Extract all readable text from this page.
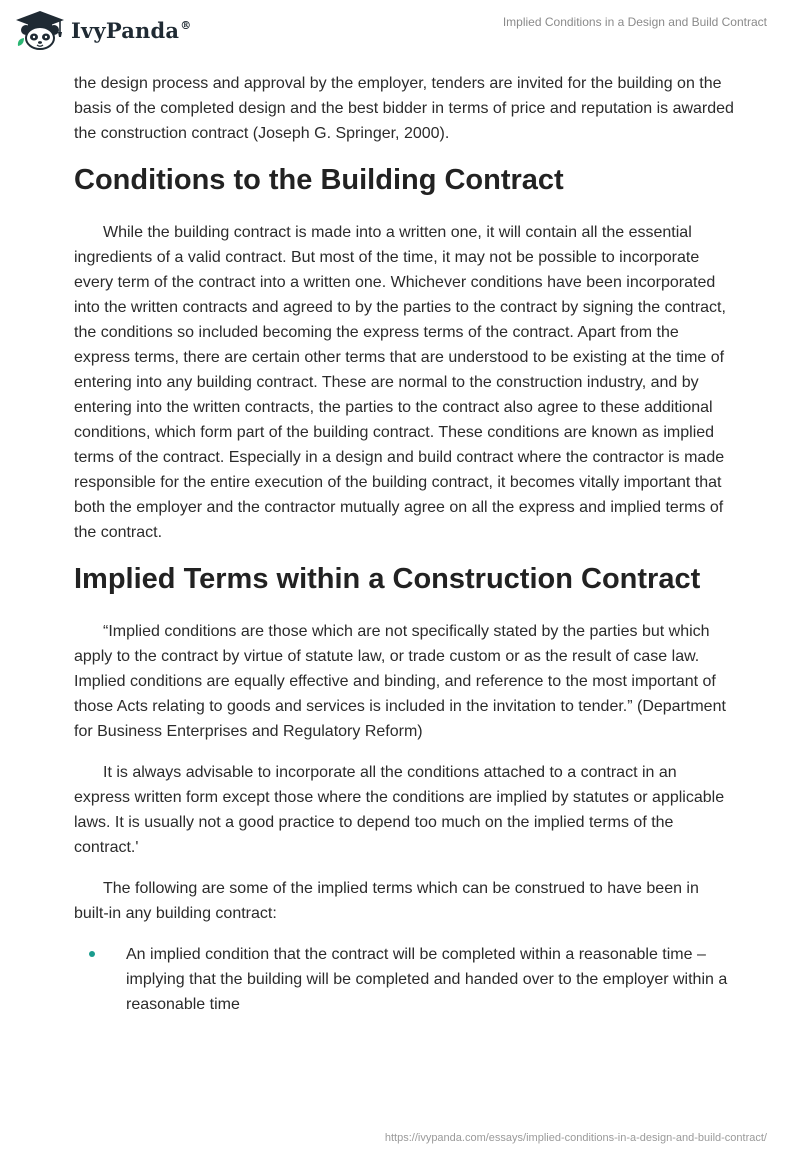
IvyPanda®	Implied Conditions in a Design and Build Contract

the design process and approval by the employer, tenders are invited for the building on the basis of the completed design and the best bidder in terms of price and reputation is awarded the construction contract (Joseph G. Springer, 2000).

Conditions to the Building Contract

While the building contract is made into a written one, it will contain all the essential ingredients of a valid contract. But most of the time, it may not be possible to incorporate every term of the contract into a written one. Whichever conditions have been incorporated into the written contracts and agreed to by the parties to the contract by signing the contract, the conditions so included becoming the express terms of the contract. Apart from the express terms, there are certain other terms that are understood to be existing at the time of entering into any building contract. These are normal to the construction industry, and by entering into the written contracts, the parties to the contract also agree to these additional conditions, which form part of the building contract. These conditions are known as implied terms of the contract. Especially in a design and build contract where the contractor is made responsible for the entire execution of the building contract, it becomes vitally important that both the employer and the contractor mutually agree on all the express and implied terms of the contract.

Implied Terms within a Construction Contract

“Implied conditions are those which are not specifically stated by the parties but which apply to the contract by virtue of statute law, or trade custom or as the result of case law. Implied conditions are equally effective and binding, and reference to the most important of those Acts relating to goods and services is included in the invitation to tender.” (Department for Business Enterprises and Regulatory Reform)

It is always advisable to incorporate all the conditions attached to a contract in an express written form except those where the conditions are implied by statutes or applicable laws. It is usually not a good practice to depend too much on the implied terms of the contract.'

The following are some of the implied terms which can be construed to have been in built-in any building contract:

An implied condition that the contract will be completed within a reasonable time – implying that the building will be completed and handed over to the employer within a reasonable time
https://ivypanda.com/essays/implied-conditions-in-a-design-and-build-contract/
